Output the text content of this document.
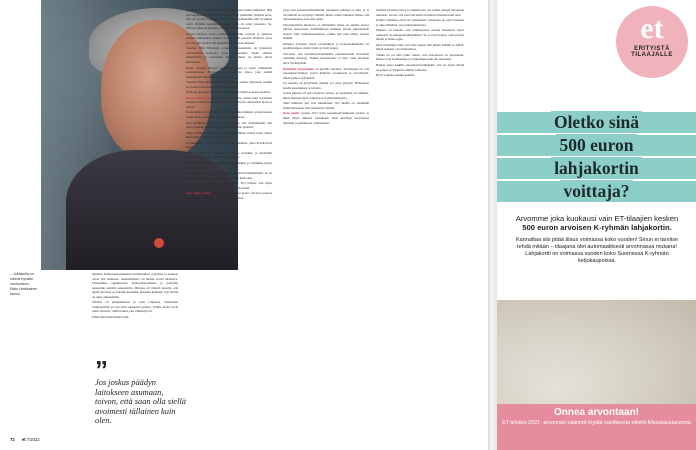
– Jokaisella on oikeus hyvään vanhuuteen, Risto Hartikainen sanoo.

muuttui, homoseksuaalisuuteen kohdistuneet syytökset ja asenteet olivat yhä olemassa. Asenneilmasto oli monin tavoin ahdistava. Esimerkiksi oppikirjoissa homoseksuaalisuus ja pedofilia niputettiin samalla aukeamalla. Minusta oli tärkeää ajatella, että meitä tarvitaan ja pidettiin kuitenkin tärkeänä ihmisinä. Nyt meillä on omat oikeutemme.

Tehtävä oli pitkäjänteinen ja vaati rohkeutta. Valmistuin vanhustyöhön ja tein töitä vanhusten parissa. Vaikka monet eivät olleet tietoisia, välillä tuntui, että vähättelyä oli.

Eihän siitä ikinä ilmoita niin.

Hyvin pian vaimollani selvisi, etteivät naiset minua kiinnosta. Hän oli kuitenkin hyvin ymmärtäväinen. Kun päätimme yhdessä erota, hän oli syvästi loukkaantunut, mutta myöhemmin hän hyväksyi asian. Olimme kumpikin ihmisiä, joilla oli omat tarpeensa. Se, mitä me yhdessä koimme, oli kuitenkin arvokasta.

Pysyin kauppaa erossa julkisuudesta. Elin vapaasti ja rauhassa omassa elämässäni, kunnes vuonna 1990 perustin yhteisön, jossa sai olla oma itsensä. Myöhemmin tuli Setaan mukaan.

Vuonna 1984 Helsingin aviaatio lentoasemalla oli järjestetty ensimmäinen homoilta, jossa kohtasimme. Siellä olimme yhteisöllisiä ja toistemme tukena, mutta ne hetket olivat harvinaisia.

Kävin vuosien mittaan vapaaehtoistyössä ja oman vanhuuteni suunnittelussa. Huomasin, että en ole ainoa, joka pelkää ikääntymistä ilman omaa yhteisöä.

Vuonna 1990 pääsin kiinteästi jäseneksi omaan yhteisöön. Kaikki ne vuodet ovat olleet minulle arvokkaita.

Kaikesta ohjatusta toiminnasta huolimatta minut koetaan edelleen.

Omien käytössä juhlimassa pari vuotta, ennen kuin itsenäisen kaartiini, kaikki sekä esiintyminen meni hyvin. Mielestäni hyviä ja tuttuja.

Kotikulmilla oli paljon ystäviä ja muutamia ihmisiä, joiden kanssa vietin aikaa sosiaalisissa tilanteissa ja juhlissa.

Kun päätimme muuttaa yhteen, tajusin, että sisimmässäni olin etsinyt kumppania koko ajan. Kotiuduimme yhdessä.

Mutta heidän vanhuutensa oli vaikea. Hänen isänsä kuoli ennen kuin ehdin tutustua häneen kunnolla.

En muuttanut sitä, mitä olin. Rakastin ihmisiä, jotka hyväksyivät minut.

Vuonna 1996 tulin ensimmäistä kertaa isoisäksi, ja sittemmin perheeseen on syntynyt lisää lapsenlapsia.

Nyt minulla on läheinen suhde heihin kaikkiin, ja vietämme paljon aikaa yhdessä.

Aikanaan ihmiset pelkäsivät ja heitä pidettiin kummallisina. Se on muuttunut, ja nykyisin saan olla sellainen kuin olen.

Suurin osa elämästäni on ollut hyvää. Nyt haluan, että myös vanhuuteni on sellaista, jossa voin olla oma itseni.

Kun aloin pohtia ikääntymistä, ystäväni kertoi olevansa jonossa hoivakotiin, jossa asuu sateenkaarivanhuksia.

jossa asui sateenkaarihenkilöitä. Suomessa sellaisia ei ollut, ja se oli minulle iso kysymys. Mietin, miten voisin vaikuttaa siihen, että tulevaisuudessa asia olisi toisin.

Palvelutaloihin muuttava ei välttämättä halua tai uskalla kertoa omasta taustastaan. Pahimmillaan ihminen joutuu piilottamaan itsensä vielä vanhuusvuosinaan, vaikka hän olisi elänyt avointa elämää.

Onneksi nykyään ollaan avoimempia ja hoitohenkilökunta on koulutetumpaa, mutta työtä on vielä paljon.

Toivoisin, että sateenkaarivanhuksille rakennettaisiin turvallisia asumisen muotoja. Pelkkä suvaitsevuus ei riitä, vaan tarvitaan aitoa hyväksyntää.

Hanketta toteutetaan eri puolilla Suomea. Tavoitteena on, että sateenkaari-ihmiset voivat ikääntyä arvokkaasti ja turvallisesti, ilman pelkoa syrjinnästä.

Jos kenellä on kysyttävää, meihin voi ottaa yhteyttä. Haluamme kuulla kokemuksia ja toiveita.

Sodan jälkeen oli pula monesta asiasta, ja lapsuuteni oli niukkaa, mutta muistan myös paljon iloa ja yhteisöllisyyttä.

Siinä mielessä ajat ovat muuttuneet. Nyt meillä on enemmän mahdollisuuksia elää omanlaista elämää.

Seta aloitti vuonna 2012 työtä sateenkaarivanhusten parissa, ja minä liityin mukaan toimintaan. Olen kiertänyt kertomassa tarinaani ja puhumassa vanhuudesta.

Samalla tarvitaan tietoa ja ymmärrystä. Jos joskus pääsyn laitokseen asumaan, toivon, että saan olla siellä avoimesti tällainen kuin olen.

Kaikki vanhukset eivät ole samanlaisia. Jokaisella on oma tarinansa ja oma elämänsä, jota pitää kunnioittaa.

Minusta on tärkeää, että vanhustyössä otetaan huomioon myös seksuaali- ja sukupuolivähemmistöt. Se ei vaadi paljon, vain avointa mieltä ja halua oppia.

Olen kiitollinen siitä, että olen saanut elää pitkän elämän ja nähdä, miten asenteet ovat muuttuneet.

Vaikka tie on ollut pitkä, uskon, että tulevaisuus on valoisampi. Nuoret ovat avoimempia ja rohkeampia kuin me aikoinaan.

Haluan sanoa kaikille sateenkaarivanhuksille: ette ole yksin. Meitä on paljon, ja yhdessä voimme vaikuttaa.

Hyvä vanhuus kuuluu kaikille.

”
Jos joskus päädyn laitokseen asumaan, toivon, että saan olla siellä avoimesti tällainen kuin olen.
72 et 7/2022
et
ERITYISTÄ
TILAAJALLE
Oletko sinä
500 euron
lahjakortin
voittaja?
Arvomme joka kuukausi vain ET-tilaajien kesken 500 euron arvoisen K-ryhmän lahjakortin.
Kannattaa siis pitää tilaus voimassa koko vuoden! Sinun ei tarvitse tehdä mitään – tilaajana olet automaattisesti arvonnassa mukana! Lahjakortti on voimassa vuoden koko Suomessa K-ryhmän ketjukaupoissa.
Onnea arvontaan!
ET-lehden 2021 -arvonnan säännöt löydät osoitteesta etlehti.fi/kuukausiarvonta
